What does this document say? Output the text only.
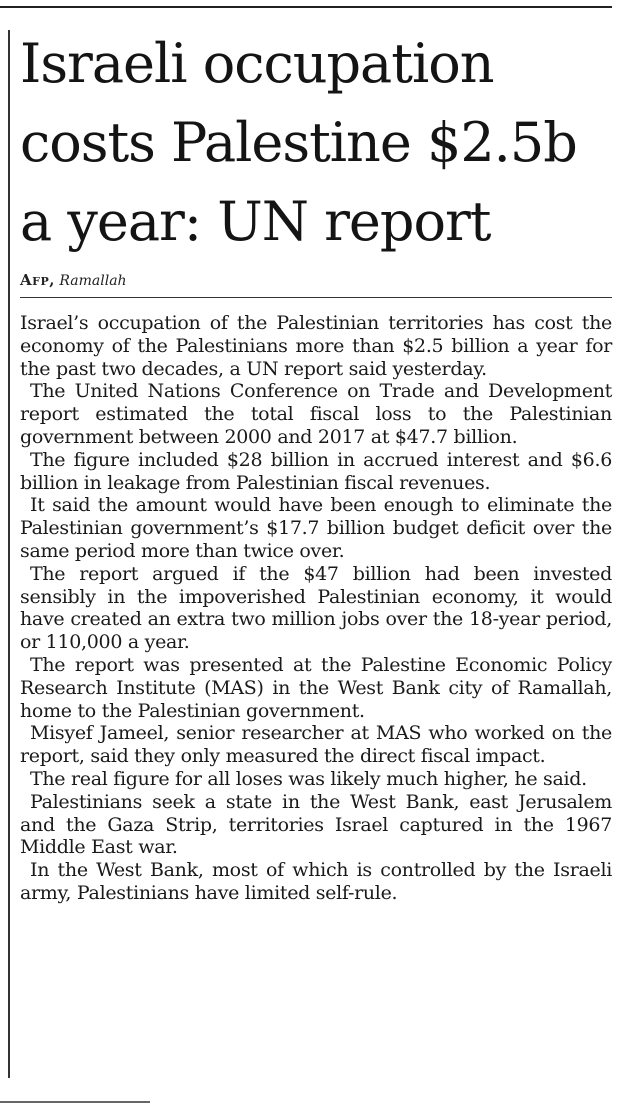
Israeli occupation costs Palestine $2.5b a year: UN report
Afp, Ramallah

Israel’s occupation of the Palestinian territories has cost the economy of the Palestinians more than $2.5 billion a year for the past two decades, a UN report said yesterday.

The United Nations Conference on Trade and Development report estimated the total fiscal loss to the Palestinian government between 2000 and 2017 at $47.7 billion.

The figure included $28 billion in accrued interest and $6.6 billion in leakage from Palestinian fiscal revenues.

It said the amount would have been enough to eliminate the Palestinian government’s $17.7 billion budget deficit over the same period more than twice over.

The report argued if the $47 billion had been invested sensibly in the impoverished Palestinian economy, it would have created an extra two million jobs over the 18-year period, or 110,000 a year.

The report was presented at the Palestine Economic Policy Research Institute (MAS) in the West Bank city of Ramallah, home to the Palestinian government.

Misyef Jameel, senior researcher at MAS who worked on the report, said they only measured the direct fiscal impact.

The real figure for all loses was likely much higher, he said.

Palestinians seek a state in the West Bank, east Jerusalem and the Gaza Strip, territories Israel captured in the 1967 Middle East war.

In the West Bank, most of which is controlled by the Israeli army, Palestinians have limited self-rule.
